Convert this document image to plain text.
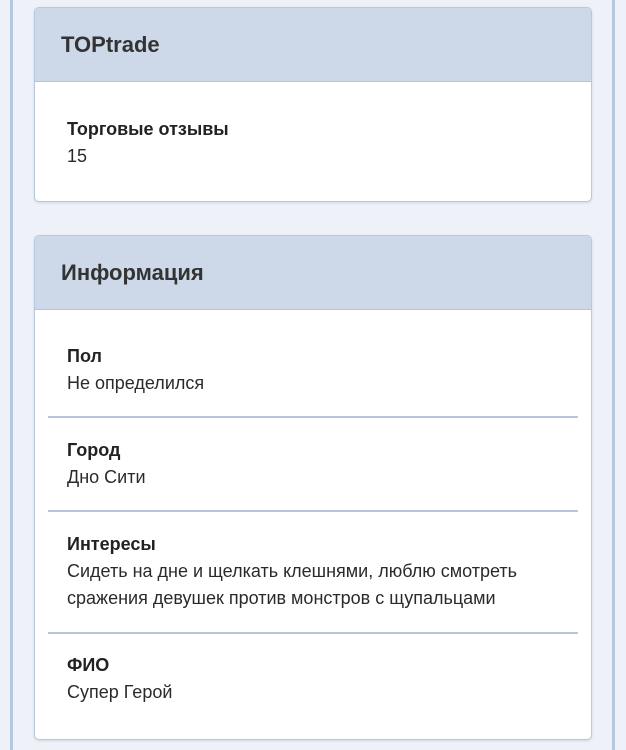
TOPtrade
Торговые отзывы
15
Информация
Пол
Не определился
Город
Дно Сити
Интересы
Сидеть на дне и щелкать клешнями, люблю смотреть
сражения девушек против монстров с щупальцами
ФИО
Супер Герой
